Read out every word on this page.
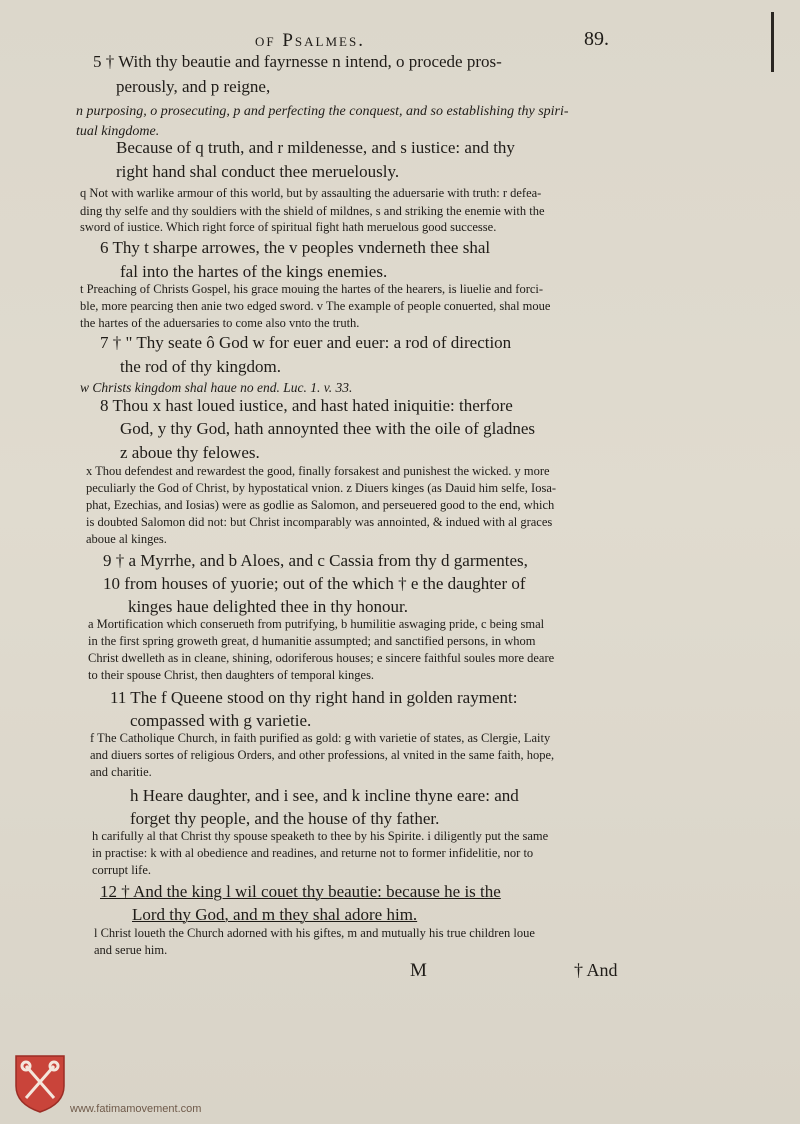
of Psalmes.	89.
5 † With thy beautie and fayrnesse n intend, o procede pros-
perously, and p reigne,
n purposing, o prosecuting, p and perfecting the conquest, and so establishing thy spiri-
tual kingdome.
Because of q truth, and r mildenesse, and s iustice: and thy
right hand shal conduct thee meruelously.
q Not with warlike armour of this world, but by assaulting the aduersarie with truth: r defea-
ding thy selfe and thy souldiers with the shield of mildnes, s and striking the enemie with the
sword of iustice. Which right force of spiritual fight hath meruelous good successe.
6 Thy t sharpe arrowes, the v peoples vnderneth thee shal
fal into the hartes of the kings enemies.
t Preaching of Christs Gospel, his grace mouing the hartes of the hearers, is liuelie and forci-
ble, more pearcing then anie two edged sword. v The example of people conuerted, shal moue
the hartes of the aduersaries to come also vnto the truth.
7 † " Thy seate ô God w for euer and euer: a rod of direction
the rod of thy kingdom.
w Christs kingdom shal haue no end. Luc. 1. v. 33.
8 Thou x hast loued iustice, and hast hated iniquitie: therfore
God, y thy God, hath annoynted thee with the oile of gladnes
z aboue thy felowes.
x Thou defendest and rewardest the good, finally forsakest and punishest the wicked. y more
peculiarly the God of Christ, by hypostatical vnion. z Diuers kinges (as Dauid him selfe, Iosa-
phat, Ezechias, and Iosias) were as godlie as Salomon, and perseuered good to the end, which
is doubted Salomon did not: but Christ incomparably was annointed, & indued with al graces
aboue al kinges.
9 † a Myrrhe, and b Aloes, and c Cassia from thy d garmentes,
10 from houses of yuorie; out of the which † e the daughter of
kinges haue delighted thee in thy honour.
a Mortification which conserueth from putrifying, b humilitie aswaging pride, c being smal
in the first spring groweth great, d humanitie assumpted; and sanctified persons, in whom
Christ dwelleth as in cleane, shining, odoriferous houses; e sincere faithful soules more deare
to their spouse Christ, then daughters of temporal kinges.
11 The f Queene stood on thy right hand in golden rayment:
compassed with g varietie.
f The Catholique Church, in faith purified as gold: g with varietie of states, as Clergie, Laity
and diuers sortes of religious Orders, and other professions, al vnited in the same faith, hope,
and charitie.
h Heare daughter, and i see, and k incline thyne eare: and
forget thy people, and the house of thy father.
h carifully al that Christ thy spouse speaketh to thee by his Spirite. i diligently put the same
in practise: k with al obedience and readines, and returne not to former infidelitie, nor to
corrupt life.
12 † And the king l wil couet thy beautie: because he is the
Lord thy God, and m they shal adore him.
l Christ loueth the Church adorned with his giftes, m and mutually his true children loue
and serue him.
M	† And
www.fatimamovement.com
